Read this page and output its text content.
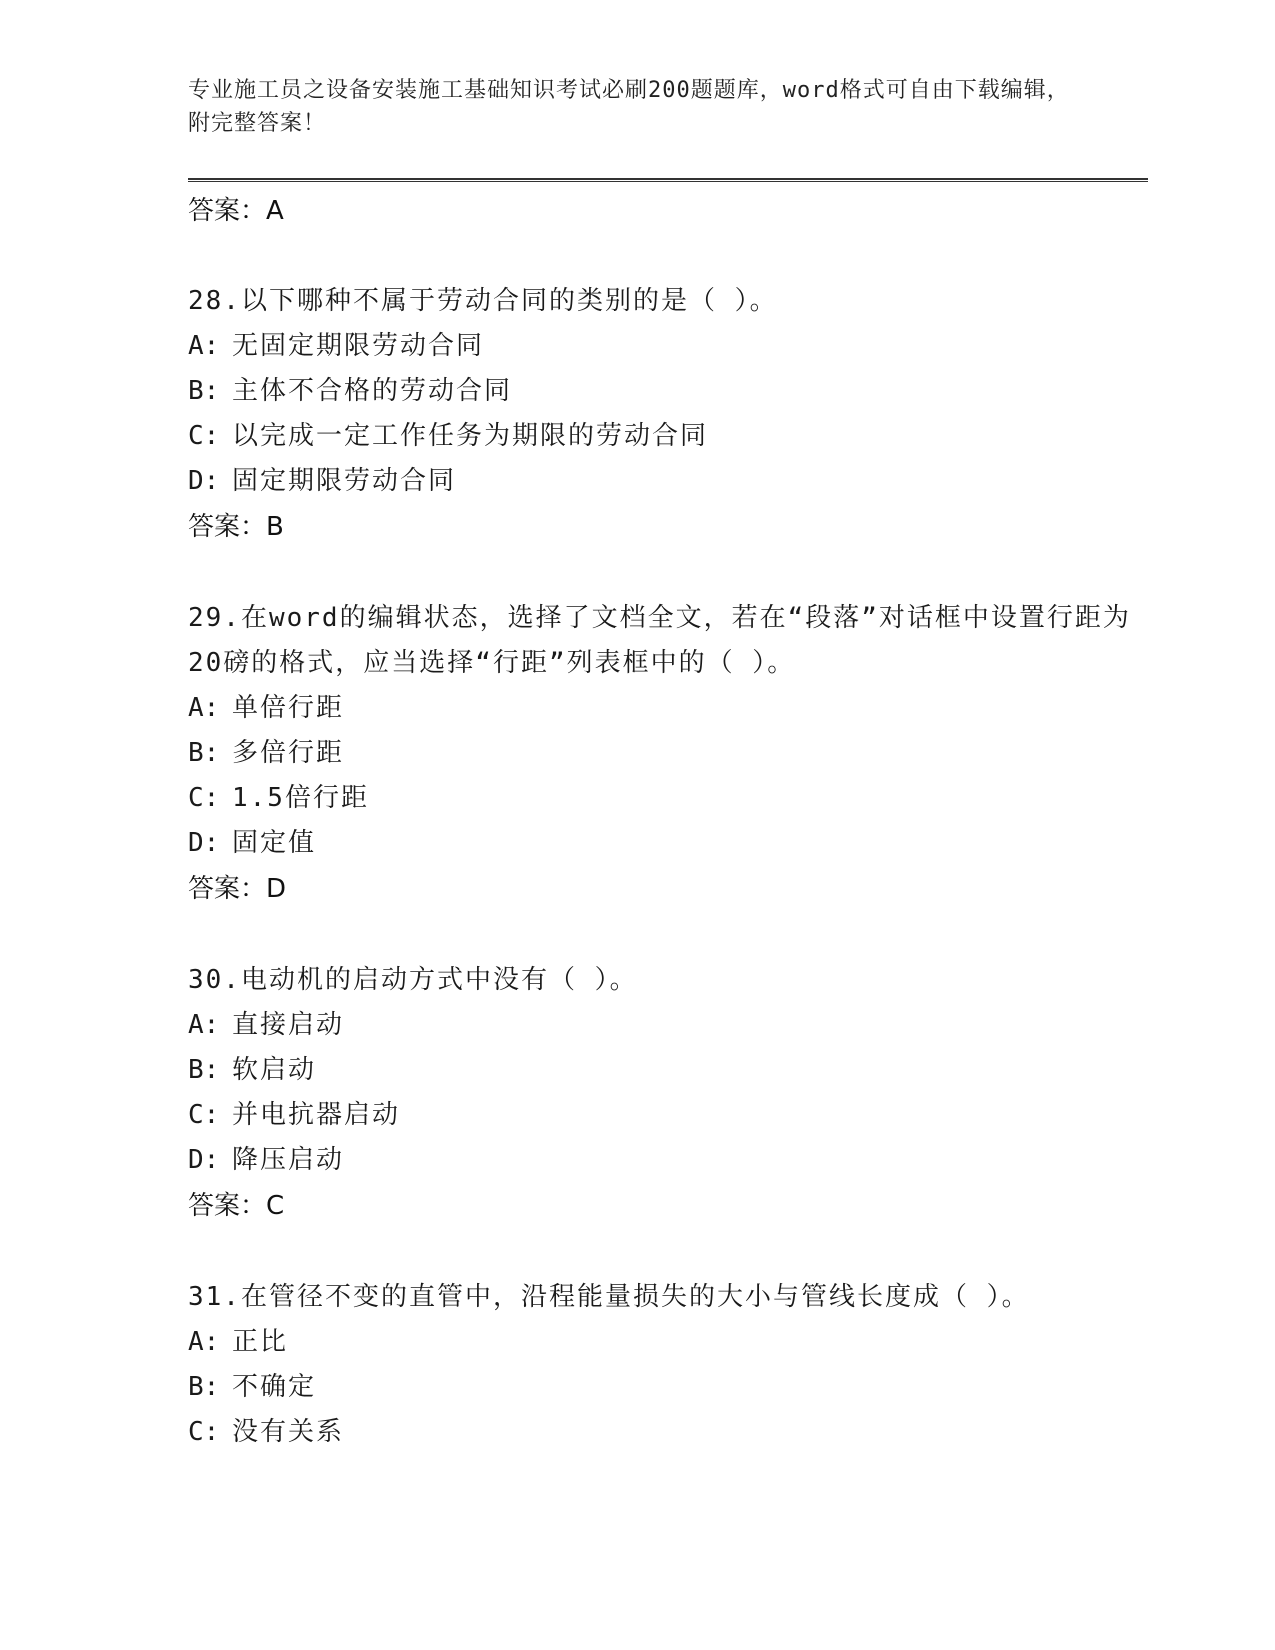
专业施工员之设备安装施工基础知识考试必刷200题题库，word格式可自由下载编辑，附完整答案！
答案：A
28.以下哪种不属于劳动合同的类别的是（ ）。
A: 无固定期限劳动合同
B: 主体不合格的劳动合同
C: 以完成一定工作任务为期限的劳动合同
D: 固定期限劳动合同
答案：B
29.在word的编辑状态，选择了文档全文，若在“段落”对话框中设置行距为20磅的格式，应当选择“行距”列表框中的（ ）。
A: 单倍行距
B: 多倍行距
C: 1.5倍行距
D: 固定值
答案：D
30.电动机的启动方式中没有（ ）。
A: 直接启动
B: 软启动
C: 并电抗器启动
D: 降压启动
答案：C
31.在管径不变的直管中，沿程能量损失的大小与管线长度成（ ）。
A: 正比
B: 不确定
C: 没有关系
